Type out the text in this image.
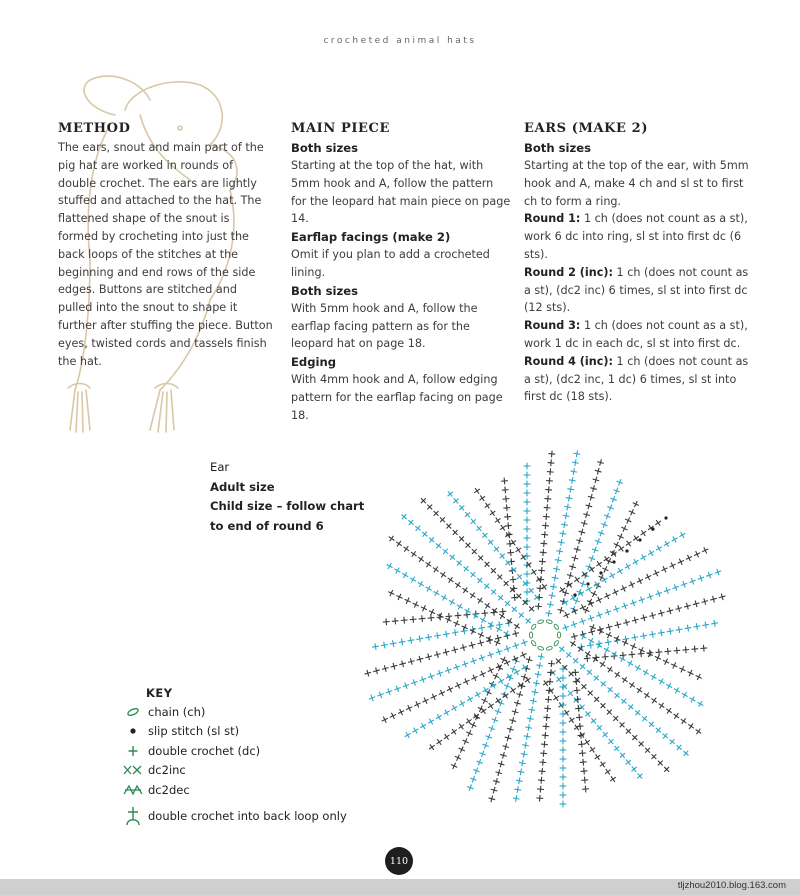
crocheted animal hats
METHOD

The ears, snout and main part of the pig hat are worked in rounds of double crochet. The ears are lightly stuffed and attached to the hat. The flattened shape of the snout is formed by crocheting into just the back loops of the stitches at the beginning and end rows of the side edges. Buttons are stitched and pulled into the snout to shape it further after stuffing the piece. Button eyes, twisted cords and tassels finish the hat.

MAIN PIECE
Both sizes

Starting at the top of the hat, with 5mm hook and A, follow the pattern for the leopard hat main piece on page 14.

Earflap facings (make 2)

Omit if you plan to add a crocheted lining.

Both sizes

With 5mm hook and A, follow the earflap facing pattern as for the leopard hat on page 18.

Edging

With 4mm hook and A, follow edging pattern for the earflap facing on page 18.

EARS (MAKE 2)
Both sizes

Starting at the top of the ear, with 5mm hook and A, make 4 ch and sl st to first ch to form a ring.

Round 1: 1 ch (does not count as a st), work 6 dc into ring, sl st into first dc (6 sts).

Round 2 (inc): 1 ch (does not count as a st), (dc2 inc) 6 times, sl st into first dc (12 sts).

Round 3: 1 ch (does not count as a st), work 1 dc in each dc, sl st into first dc.

Round 4 (inc): 1 ch (does not count as a st), (dc2 inc, 1 dc) 6 times, sl st into first dc (18 sts).

Ear
Adult size
Child size – follow chart
to end of round 6
KEY
chain (ch)
slip stitch (sl st)
double crochet (dc)
dc2inc
dc2dec
double crochet into back loop only
110
tljzhou2010.blog.163.com
